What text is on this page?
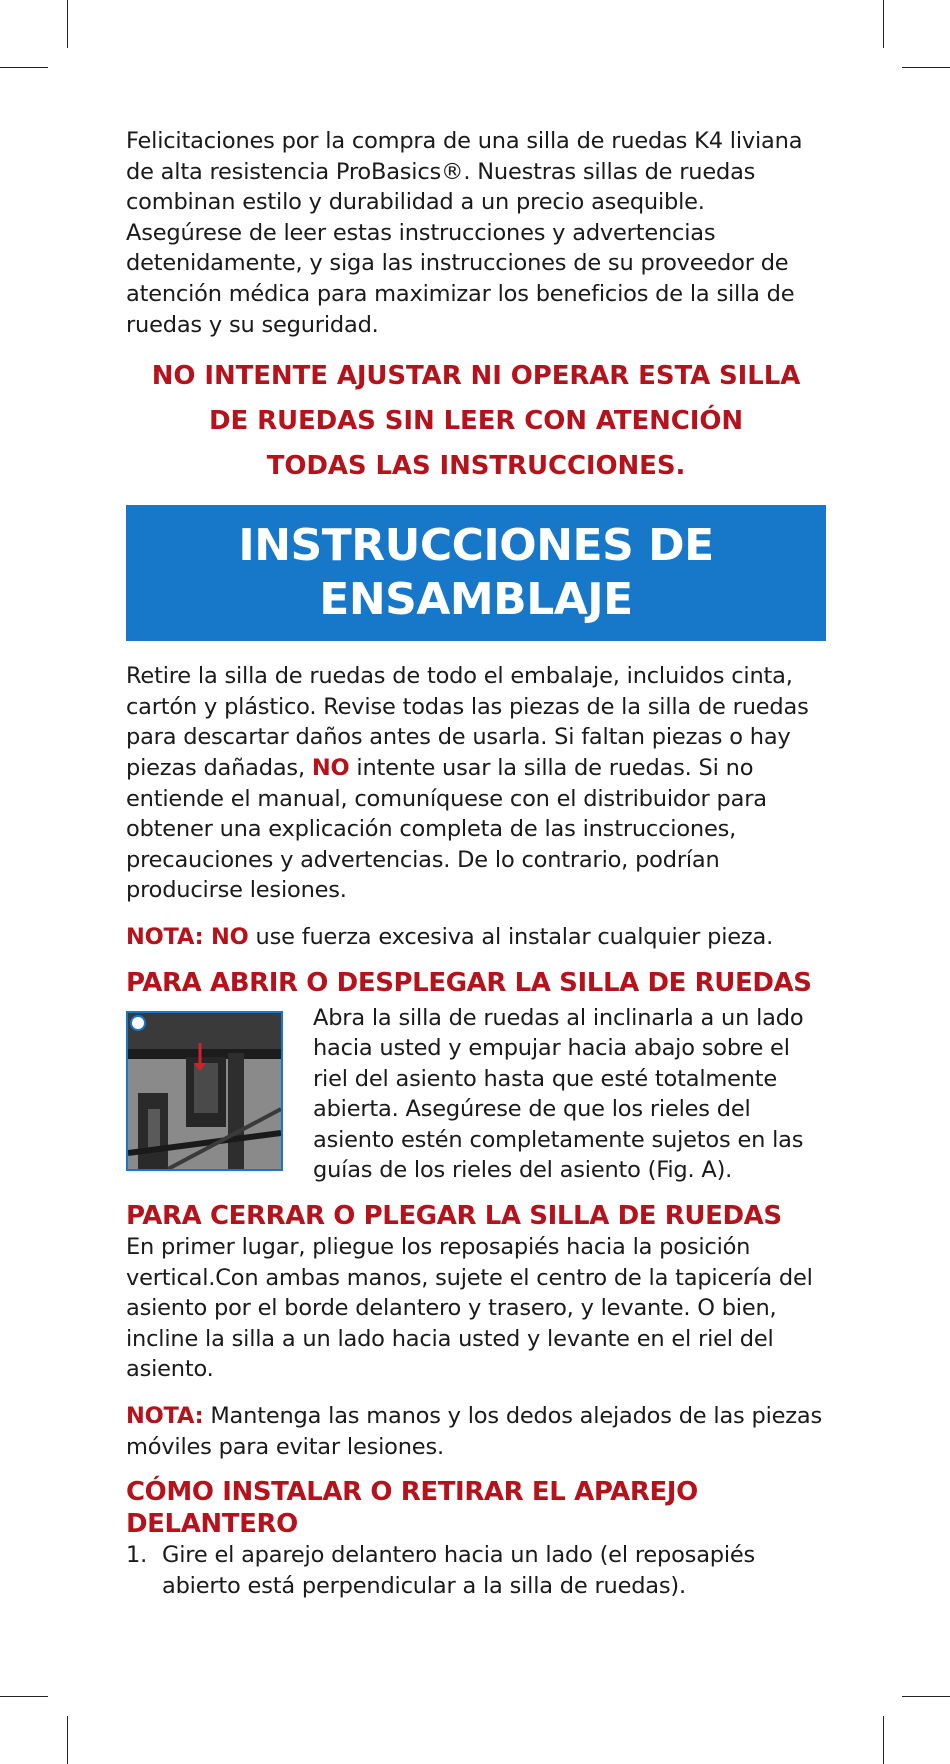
Felicitaciones por la compra de una silla de ruedas K4 liviana de alta resistencia ProBasics®. Nuestras sillas de ruedas combinan estilo y durabilidad a un precio asequible. Asegúrese de leer estas instrucciones y advertencias detenidamente, y siga las instrucciones de su proveedor de atención médica para maximizar los beneficios de la silla de ruedas y su seguridad.

NO INTENTE AJUSTAR NI OPERAR ESTA SILLA
DE RUEDAS SIN LEER CON ATENCIÓN
TODAS LAS INSTRUCCIONES.
INSTRUCCIONES DE
ENSAMBLAJE

Retire la silla de ruedas de todo el embalaje, incluidos cinta, cartón y plástico. Revise todas las piezas de la silla de ruedas para descartar daños antes de usarla. Si faltan piezas o hay piezas dañadas, NO intente usar la silla de ruedas. Si no entiende el manual, comuníquese con el distribuidor para obtener una explicación completa de las instrucciones, precauciones y advertencias. De lo contrario, podrían producirse lesiones.

NOTA: NO use fuerza excesiva al instalar cualquier pieza.

PARA ABRIR O DESPLEGAR LA SILLA DE RUEDAS

Abra la silla de ruedas al inclinarla a un lado hacia usted y empujar hacia abajo sobre el riel del asiento hasta que esté totalmente abierta. Asegúrese de que los rieles del asiento estén completamente sujetos en las guías de los rieles del asiento (Fig. A).

PARA CERRAR O PLEGAR LA SILLA DE RUEDAS

En primer lugar, pliegue los reposapiés hacia la posición vertical.Con ambas manos, sujete el centro de la tapicería del asiento por el borde delantero y trasero, y levante. O bien, incline la silla a un lado hacia usted y levante en el riel del asiento.

NOTA: Mantenga las manos y los dedos alejados de las piezas móviles para evitar lesiones.

CÓMO INSTALAR O RETIRAR EL APAREJO
DELANTERO
1. Gire el aparejo delantero hacia un lado (el reposapiés abierto está perpendicular a la silla de ruedas).
